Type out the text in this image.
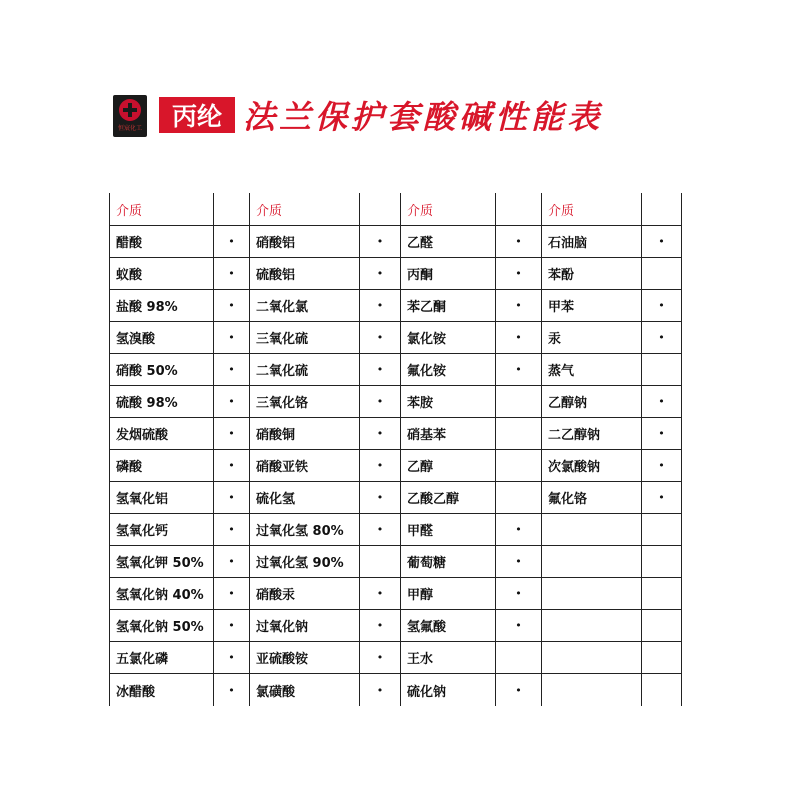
恒宸化工	丙纶 法兰保护套酸碱性能表
介质		介质		介质		介质	
醋酸	•	硝酸铝	•	乙醛	•	石油脑	•
蚁酸	•	硫酸铝	•	丙酮	•	苯酚	
盐酸 98%	•	二氧化氯	•	苯乙酮	•	甲苯	•
氢溴酸	•	三氧化硫	•	氯化铵	•	汞	•
硝酸 50%	•	二氧化硫	•	氟化铵	•	蒸气	
硫酸 98%	•	三氧化铬	•	苯胺		乙醇钠	•
发烟硫酸	•	硝酸铜	•	硝基苯		二乙醇钠	•
磷酸	•	硝酸亚铁	•	乙醇		次氯酸钠	•
氢氧化铝	•	硫化氢	•	乙酸乙醇		氟化铬	•
氢氧化钙	•	过氧化氢 80%	•	甲醛	•		
氢氧化钾 50%	•	过氧化氢 90%		葡萄糖	•		
氢氧化钠 40%	•	硝酸汞	•	甲醇	•		
氢氧化钠 50%	•	过氧化钠	•	氢氟酸	•		
五氯化磷	•	亚硫酸铵	•	王水			
冰醋酸	•	氯磺酸	•	硫化钠	•		
